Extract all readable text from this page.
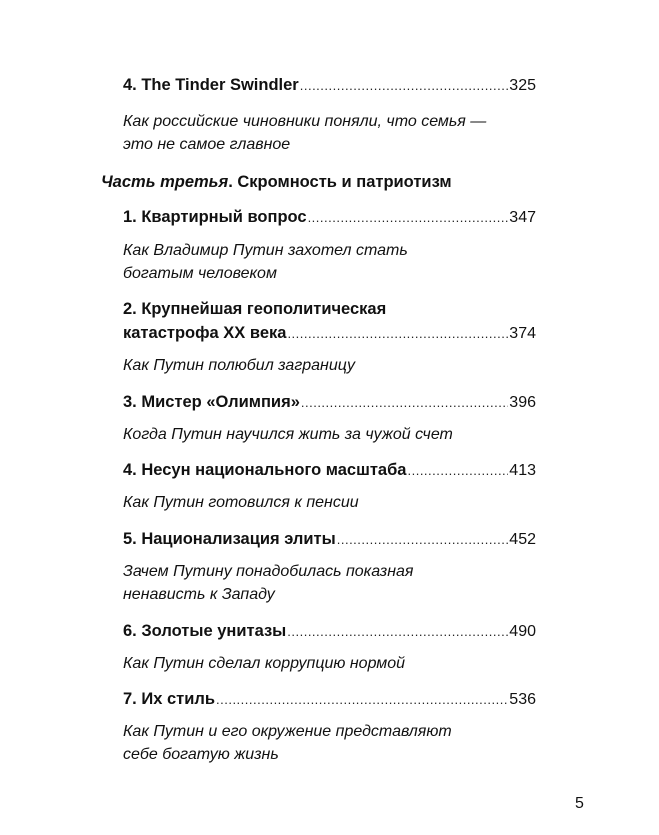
4. The Tinder Swindler .....	325
Как российские чиновники поняли, что семья —
это не самое главное
Часть третья. Скромность и патриотизм
1. Квартирный вопрос .....	347
Как Владимир Путин захотел стать
богатым человеком
2. Крупнейшая геополитическая
катастрофа XX века .....	374
Как Путин полюбил заграницу
3. Мистер «Олимпия» .....	396
Когда Путин научился жить за чужой счет
4. Несун национального масштаба .....	413
Как Путин готовился к пенсии
5. Национализация элиты .....	452
Зачем Путину понадобилась показная
ненависть к Западу
6. Золотые унитазы .....	490
Как Путин сделал коррупцию нормой
7. Их стиль .....	536
Как Путин и его окружение представляют
себе богатую жизнь
5
